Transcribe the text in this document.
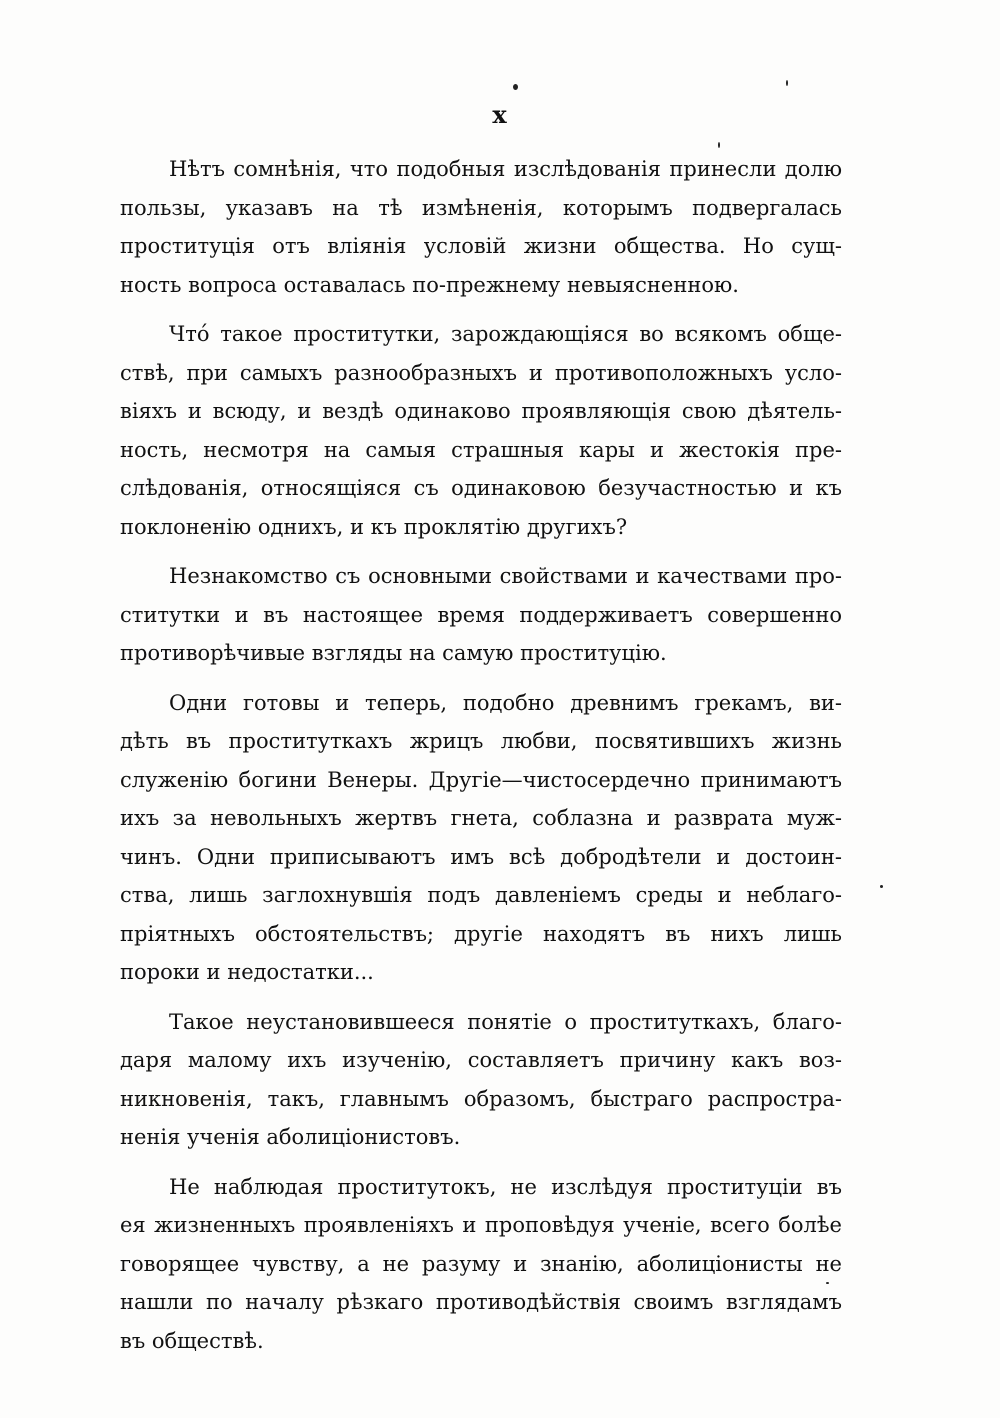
x
Нѣтъ сомнѣнія, что подобныя изслѣдованія принесли долю
пользы, указавъ на тѣ измѣненія, которымъ подвергалась
проституція отъ вліянія условій жизни общества. Но сущ-
ность вопроса оставалась по-прежнему невыясненною.
Что́ такое проститутки, зарождающіяся во всякомъ обще-
ствѣ, при самыхъ разнообразныхъ и противоположныхъ усло-
віяхъ и всюду, и вездѣ одинаково проявляющія свою дѣятель-
ность, несмотря на самыя страшныя кары и жестокія пре-
слѣдованія, относящіяся съ одинаковою безучастностью и къ
поклоненію однихъ, и къ проклятію другихъ?
Незнакомство съ основными свойствами и качествами про-
ститутки и въ настоящее время поддерживаетъ совершенно
противорѣчивые взгляды на самую проституцію.
Одни готовы и теперь, подобно древнимъ грекамъ, ви-
дѣть въ проституткахъ жрицъ любви, посвятившихъ жизнь
служенію богини Венеры. Другіе—чистосердечно принимаютъ
ихъ за невольныхъ жертвъ гнета, соблазна и разврата муж-
чинъ. Одни приписываютъ имъ всѣ добродѣтели и достоин-
ства, лишь заглохнувшія подъ давленіемъ среды и неблаго-
пріятныхъ обстоятельствъ; другіе находятъ въ нихъ лишь
пороки и недостатки...
Такое неустановившееся понятіе о проституткахъ, благо-
даря малому ихъ изученію, составляетъ причину какъ воз-
никновенія, такъ, главнымъ образомъ, быстраго распростра-
ненія ученія аболиціонистовъ.
Не наблюдая проститутокъ, не изслѣдуя проституціи въ
ея жизненныхъ проявленіяхъ и проповѣдуя ученіе, всего болѣе
говорящее чувству, а не разуму и знанію, аболиціонисты не
нашли по началу рѣзкаго противодѣйствія своимъ взглядамъ
въ обществѣ.
